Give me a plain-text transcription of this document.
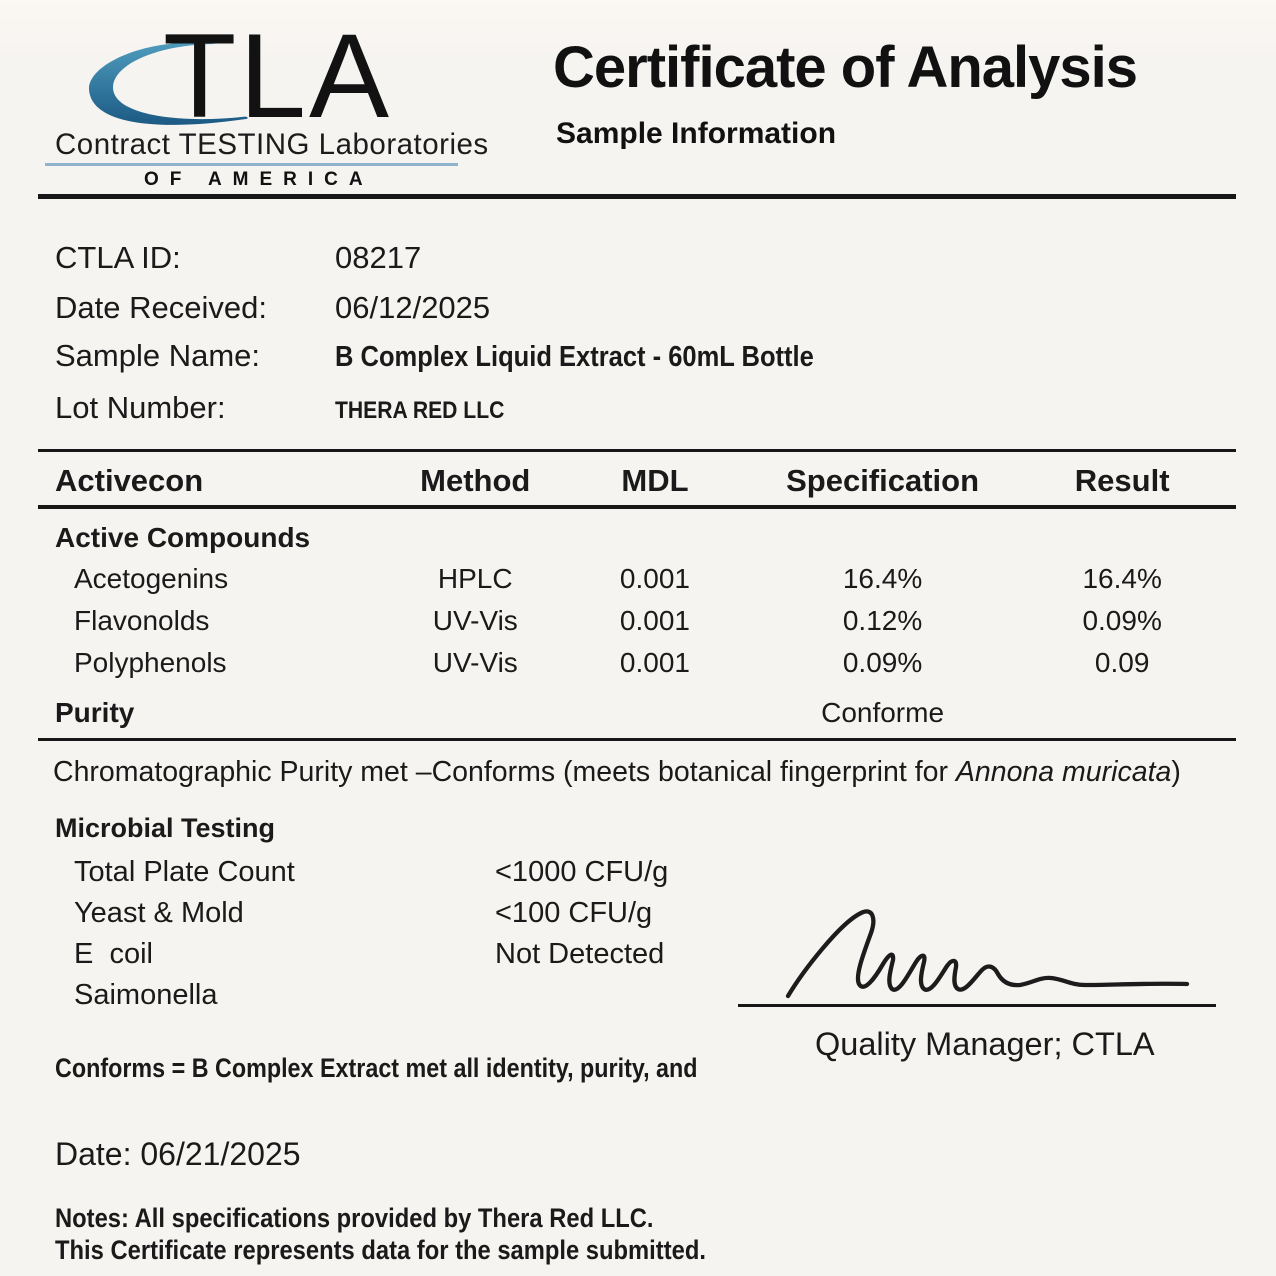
TLA
Contract TESTING Laboratories
OF AMERICA
Certificate of Analysis
Sample Information
CTLA ID:	08217
Date Received: 06/12/2025
Sample Name:	B Complex Liquid Extract - 60mL Bottle
Lot Number:	THERA RED LLC
Activecon	Method	MDL	Specification	Result
Active Compounds
Acetogenins	HPLC	0.001	16.4%	16.4%
Flavonolds	UV-Vis	0.001	0.12%	0.09%
Polyphenols	UV-Vis	0.001	0.09%	0.09
Purity	Conforme
Chromatographic Purity met –Conforms (meets botanical fingerprint for Annona muricata)
Microbial Testing
Total Plate Count	<1000 CFU/g
Yeast & Mold	<100 CFU/g
E  coil	Not Detected
Saimonella
Quality Manager; CTLA
Conforms = B Complex Extract met all identity, purity, and
Date: 06/21/2025
Notes: All specifications provided by Thera Red LLC.
This Certificate represents data for the sample submitted.
